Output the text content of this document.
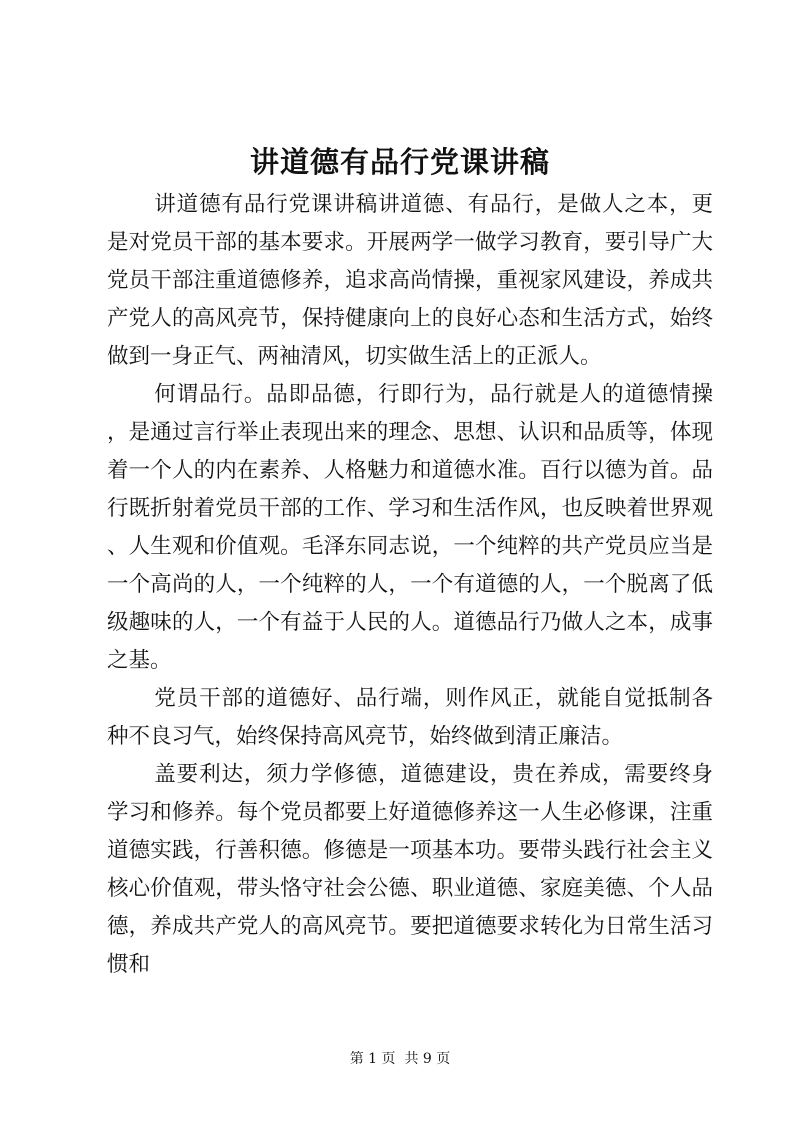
讲道德有品行党课讲稿

讲道德有品行党课讲稿讲道德、有品行，是做人之本，更是对党员干部的基本要求。开展两学一做学习教育，要引导广大党员干部注重道德修养，追求高尚情操，重视家风建设，养成共产党人的高风亮节，保持健康向上的良好心态和生活方式，始终做到一身正气、两袖清风，切实做生活上的正派人。

何谓品行。品即品德，行即行为，品行就是人的道德情操，是通过言行举止表现出来的理念、思想、认识和品质等，体现着一个人的内在素养、人格魅力和道德水准。百行以德为首。品行既折射着党员干部的工作、学习和生活作风，也反映着世界观、人生观和价值观。毛泽东同志说，一个纯粹的共产党员应当是一个高尚的人，一个纯粹的人，一个有道德的人，一个脱离了低级趣味的人，一个有益于人民的人。道德品行乃做人之本，成事之基。

党员干部的道德好、品行端，则作风正，就能自觉抵制各种不良习气，始终保持高风亮节，始终做到清正廉洁。

盖要利达，须力学修德，道德建设，贵在养成，需要终身学习和修养。每个党员都要上好道德修养这一人生必修课，注重道德实践，行善积德。修德是一项基本功。要带头践行社会主义核心价值观，带头恪守社会公德、职业道德、家庭美德、个人品德，养成共产党人的高风亮节。要把道德要求转化为日常生活习惯和

第 1 页  共 9 页
